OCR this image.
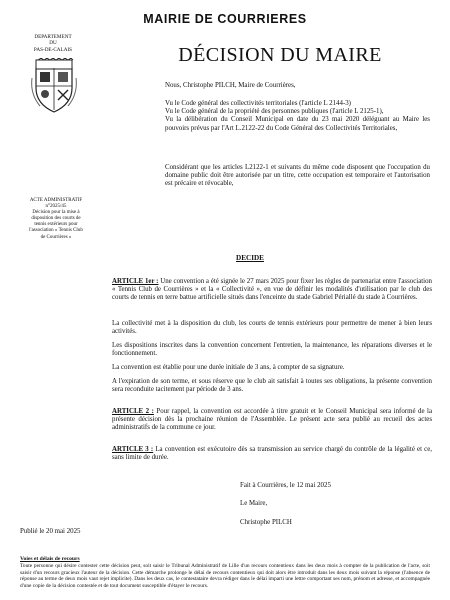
MAIRIE DE COURRIERES
DEPARTEMENT
DU
PAS-DE-CALAIS	DÉCISION DU MAIRE
Nous, Christophe PILCH, Maire de Courrières,
Vu le Code général des collectivités territoriales (l'article L 2144-3)
Vu le Code général de la propriété des personnes publiques (l'article L 2125-1),
Vu la délibération du Conseil Municipal en date du 23 mai 2020 déléguant au Maire les pouvoirs prévus par l'Art L.2122-22 du Code Général des Collectivités Territoriales,
Considérant que les articles L2122-1 et suivants du même code disposent que l'occupation du domaine public doit être autorisée par un titre, cette occupation est temporaire et l'autorisation est précaire et révocable,
ACTE ADMINISTRATIF
n°2025/45
Décision pour la mise à
disposition des courts de
tennis extérieurs pour
l'association « Tennis Club
de Courrières »
DECIDE
ARTICLE 1er : Une convention a été signée le 27 mars 2025 pour fixer les règles de partenariat entre l'association « Tennis Club de Courrières » et la « Collectivité », en vue de définir les modalités d'utilisation par le club des courts de tennis en terre battue artificielle situés dans l'enceinte du stade Gabriel Périallé du stade à Courrières.
La collectivité met à la disposition du club, les courts de tennis extérieurs pour permettre de mener à bien leurs activités.
Les dispositions inscrites dans la convention concernent l'entretien, la maintenance, les réparations diverses et le fonctionnement.
La convention est établie pour une durée initiale de 3 ans, à compter de sa signature.
A l'expiration de son terme, et sous réserve que le club ait satisfait à toutes ses obligations, la présente convention sera reconduite tacitement par période de 3 ans.
ARTICLE 2 : Pour rappel, la convention est accordée à titre gratuit et le Conseil Municipal sera informé de la présente décision dès la prochaine réunion de l'Assemblée. Le présent acte sera publié au recueil des actes administratifs de la commune ce jour.
ARTICLE 3 : La convention est exécutoire dès sa transmission au service chargé du contrôle de la légalité et ce, sans limite de durée.
Fait à Courrières, le 12 mai 2025
Le Maire,
Christophe PILCH
Publié le 20 mai 2025
Voies et délais de recours
Toute personne qui désire contester cette décision peut, soit saisir le Tribunal Administratif de Lille d'un recours contentieux dans les deux mois à compter de la publication de l'acte, soit saisir d'un recours gracieux l'auteur de la décision. Cette démarche prolonge le délai de recours contentieux qui doit alors être introduit dans les deux mois suivant la réponse (l'absence de réponse au terme de deux mois vaut rejet implicite). Dans les deux cas, le contestataire devra rédiger dans le délai imparti une lettre comportant ses nom, prénom et adresse, et accompagnée d'une copie de la décision contestée et de tout document susceptible d'étayer le recours.
